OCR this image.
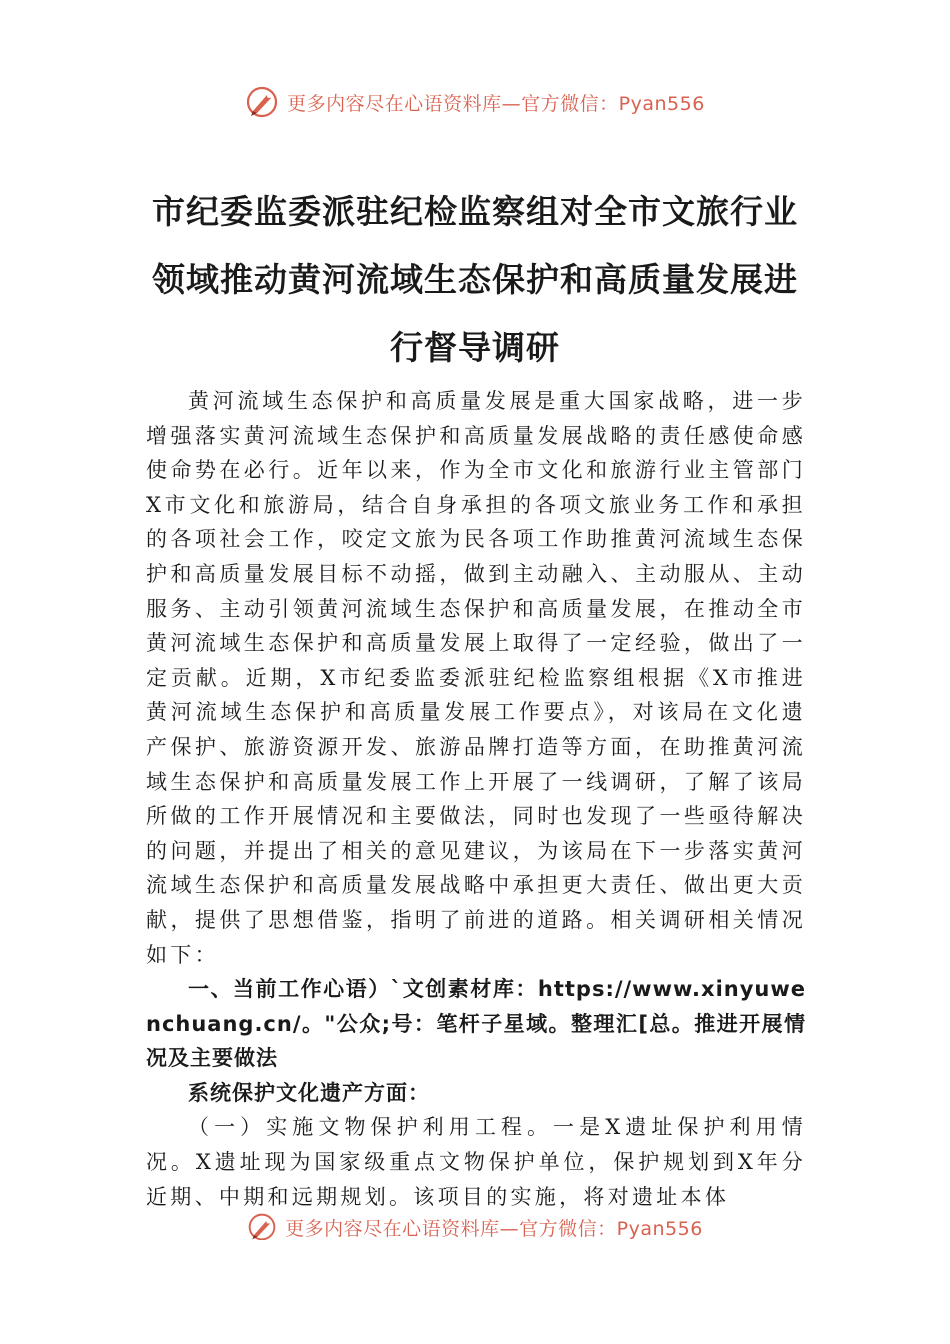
市纪委监委派驻纪检监察组对全市文旅行业领域推动黄河流域生态保护和高质量发展进行督导调研

黄河流域生态保护和高质量发展是重大国家战略，进一步增强落实黄河流域生态保护和高质量发展战略的责任感使命感使命势在必行。近年以来，作为全市文化和旅游行业主管部门X市文化和旅游局，结合自身承担的各项文旅业务工作和承担的各项社会工作，咬定文旅为民各项工作助推黄河流域生态保护和高质量发展目标不动摇，做到主动融入、主动服从、主动服务、主动引领黄河流域生态保护和高质量发展，在推动全市黄河流域生态保护和高质量发展上取得了一定经验，做出了一定贡献。近期，X市纪委监委派驻纪检监察组根据《X市推进黄河流域生态保护和高质量发展工作要点》，对该局在文化遗产保护、旅游资源开发、旅游品牌打造等方面，在助推黄河流域生态保护和高质量发展工作上开展了一线调研，了解了该局所做的工作开展情况和主要做法，同时也发现了一些亟待解决的问题，并提出了相关的意见建议，为该局在下一步落实黄河流域生态保护和高质量发展战略中承担更大责任、做出更大贡献，提供了思想借鉴，指明了前进的道路。相关调研相关情况如下：

一、当前工作心语）`文创素材库：https://www.xinyuwenchuang.cn/。"公众;号：笔杆子星域。整理汇[总。推进开展情况及主要做法

系统保护文化遗产方面：

（一）实施文物保护利用工程。一是X遗址保护利用情况。X遗址现为国家级重点文物保护单位，保护规划到X年分近期、中期和远期规划。该项目的实施，将对遗址本体

更多内容尽在心语资料库—官方微信：Pyan556
更多内容尽在心语资料库—官方微信：Pyan556
